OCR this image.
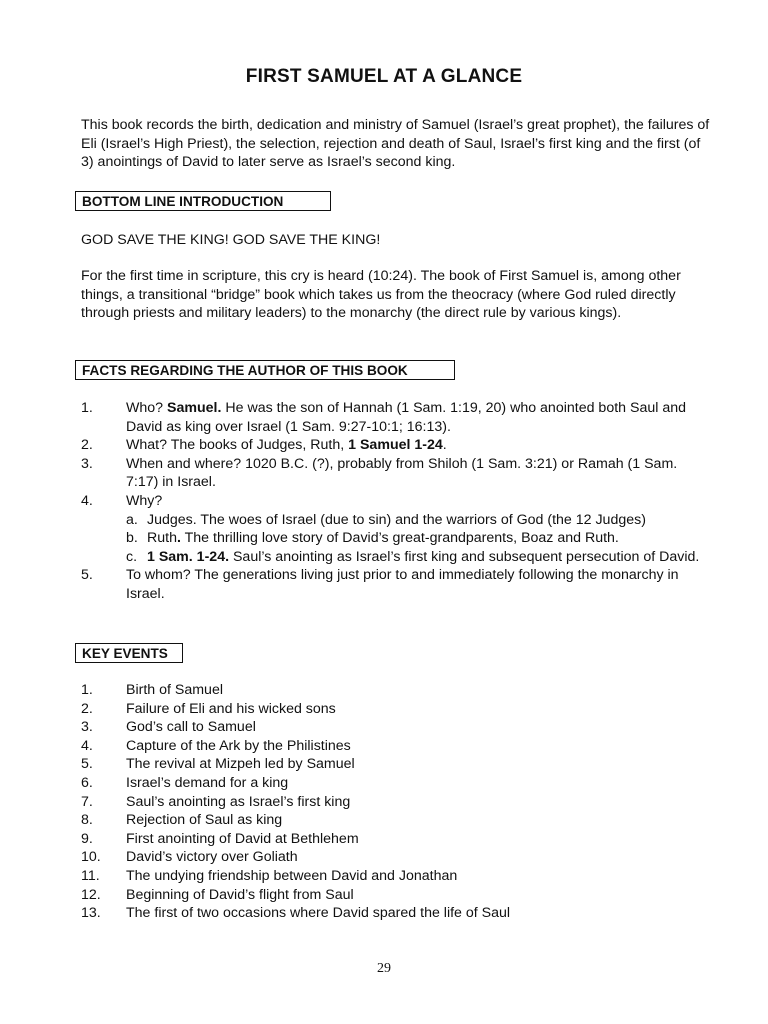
FIRST SAMUEL AT A GLANCE
This book records the birth, dedication and ministry of Samuel (Israel’s great prophet), the failures of Eli (Israel’s High Priest), the selection, rejection and death of Saul, Israel’s first king and the first (of 3) anointings of David to later serve as Israel’s second king.
BOTTOM LINE INTRODUCTION
GOD SAVE THE KING! GOD SAVE THE KING!
For the first time in scripture, this cry is heard (10:24). The book of First Samuel is, among other things, a transitional “bridge” book which takes us from the theocracy (where God ruled directly through priests and military leaders) to the monarchy (the direct rule by various kings).
FACTS REGARDING THE AUTHOR OF THIS BOOK
1.	Who? Samuel. He was the son of Hannah (1 Sam. 1:19, 20) who anointed both Saul and David as king over Israel (1 Sam. 9:27-10:1; 16:13).
2.	What? The books of Judges, Ruth, 1 Samuel 1-24.
3.	When and where? 1020 B.C. (?), probably from Shiloh (1 Sam. 3:21) or Ramah (1 Sam. 7:17) in Israel.
4.	Why?
a. Judges. The woes of Israel (due to sin) and the warriors of God (the 12 Judges)
b. Ruth. The thrilling love story of David’s great-grandparents, Boaz and Ruth.
c. 1 Sam. 1-24. Saul’s anointing as Israel’s first king and subsequent persecution of David.
5.	To whom? The generations living just prior to and immediately following the monarchy in Israel.
KEY EVENTS
1.	Birth of Samuel
2.	Failure of Eli and his wicked sons
3.	God’s call to Samuel
4.	Capture of the Ark by the Philistines
5.	The revival at Mizpeh led by Samuel
6.	Israel’s demand for a king
7.	Saul’s anointing as Israel’s first king
8.	Rejection of Saul as king
9.	First anointing of David at Bethlehem
10.	David’s victory over Goliath
11.	The undying friendship between David and Jonathan
12.	Beginning of David’s flight from Saul
13.	The first of two occasions where David spared the life of Saul
29
